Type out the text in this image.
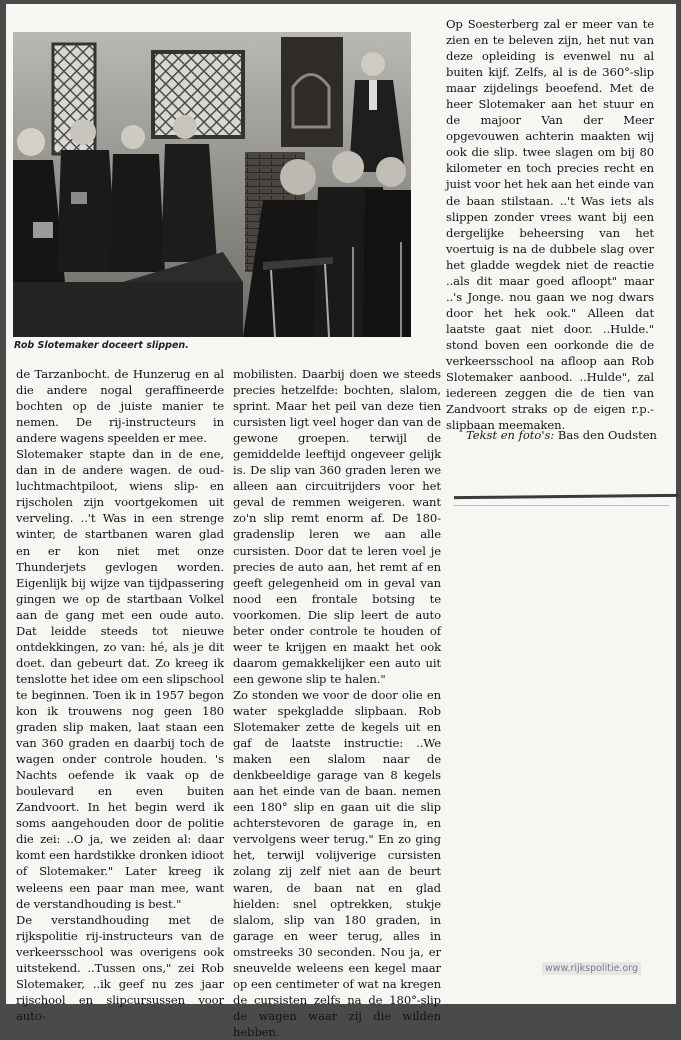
Rob Slotemaker doceert slippen.

de Tarzanbocht. de Hunzerug en al die andere nogal geraffineerde bochten op de juiste manier te nemen. De rij-instructeurs in andere wagens speelden er mee.

Slotemaker stapte dan in de ene, dan in de andere wagen. de oud-luchtmachtpiloot, wiens slip- en rijscholen zijn voortgekomen uit verveling. ..'t Was in een strenge winter, de startbanen waren glad en er kon niet met onze Thunderjets gevlogen worden. Eigenlijk bij wijze van tijdpassering gingen we op de startbaan Volkel aan de gang met een oude auto. Dat leidde steeds tot nieuwe ontdekkingen, zo van: hé, als je dit doet. dan gebeurt dat. Zo kreeg ik tenslotte het idee om een slipschool te beginnen. Toen ik in 1957 begon kon ik trouwens nog geen 180 graden slip maken, laat staan een van 360 graden en daarbij toch de wagen onder controle houden. 's Nachts oefende ik vaak op de boulevard en even buiten Zandvoort. In het begin werd ik soms aangehouden door de politie die zei: ..O ja, we zeiden al: daar komt een hardstikke dronken idioot of Slotemaker." Later kreeg ik weleens een paar man mee, want de verstandhouding is best."

De verstandhouding met de rijkspolitie rij-instructeurs van de verkeersschool was overigens ook uitstekend. ..Tussen ons," zei Rob Slotemaker, ..ik geef nu zes jaar rijschool en slipcursussen voor auto-

mobilisten. Daarbij doen we steeds precies hetzelfde: bochten, slalom, sprint. Maar het peil van deze tien cursisten ligt veel hoger dan van de gewone groepen. terwijl de gemiddelde leeftijd ongeveer gelijk is. De slip van 360 graden leren we alleen aan circuitrijders voor het geval de remmen weigeren. want zo'n slip remt enorm af. De 180-gradenslip leren we aan alle cursisten. Door dat te leren voel je precies de auto aan, het remt af en geeft gelegenheid om in geval van nood een frontale botsing te voorkomen. Die slip leert de auto beter onder controle te houden of weer te krijgen en maakt het ook daarom gemakkelijker een auto uit een gewone slip te halen."

Zo stonden we voor de door olie en water spekgladde slipbaan. Rob Slotemaker zette de kegels uit en gaf de laatste instructie: ..We maken een slalom naar de denkbeeldige garage van 8 kegels aan het einde van de baan. nemen een 180° slip en gaan uit die slip achterstevoren de garage in, en vervolgens weer terug." En zo ging het, terwijl volijverige cursisten zolang zij zelf niet aan de beurt waren, de baan nat en glad hielden: snel optrekken, stukje slalom, slip van 180 graden, in garage en weer terug, alles in omstreeks 30 seconden. Nou ja, er sneuvelde weleens een kegel maar op een centimeter of wat na kregen de cursisten zelfs na de 180°-slip de wagen waar zij die wilden hebben.

Op Soesterberg zal er meer van te zien en te beleven zijn, het nut van deze opleiding is evenwel nu al buiten kijf. Zelfs, al is de 360°-slip maar zijdelings beoefend. Met de heer Slotemaker aan het stuur en de majoor Van der Meer opgevouwen achterin maakten wij ook die slip. twee slagen om bij 80 kilometer en toch precies recht en juist voor het hek aan het einde van de baan stilstaan. ..'t Was iets als slippen zonder vrees want bij een dergelijke beheersing van het voertuig is na de dubbele slag over het gladde wegdek niet de reactie ..als dit maar goed afloopt" maar ..'s Jonge. nou gaan we nog dwars door het hek ook." Alleen dat laatste gaat niet door. ..Hulde." stond boven een oorkonde die de verkeersschool na afloop aan Rob Slotemaker aanbood. ..Hulde", zal iedereen zeggen die de tien van Zandvoort straks op de eigen r.p.-slipbaan meemaken.

Tekst en foto's: Bas den Oudsten
www.rijkspolitie.org
